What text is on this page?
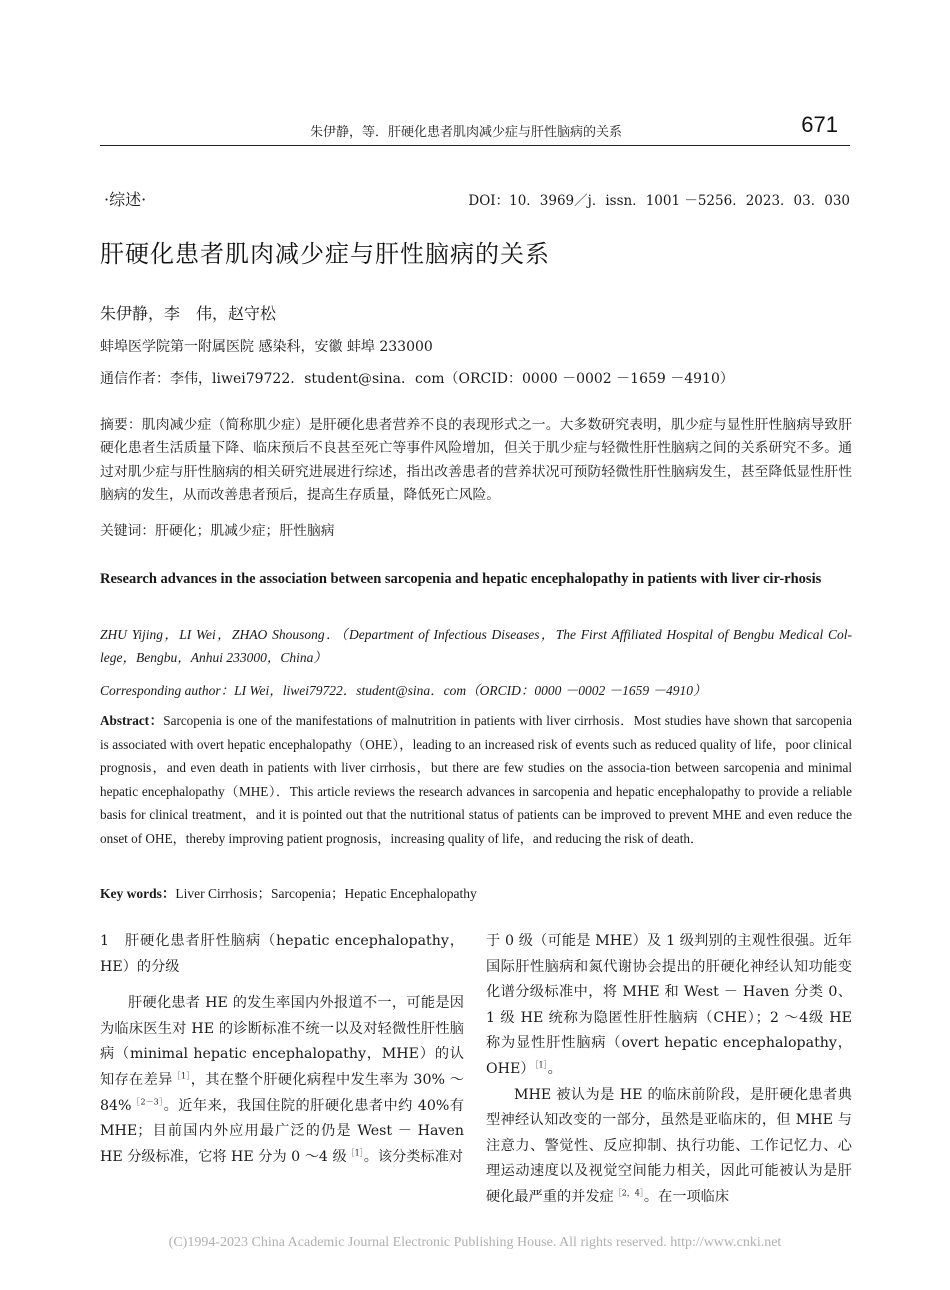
朱伊静，等．肝硬化患者肌肉减少症与肝性脑病的关系	671
·综述·	DOI：10．3969／j．issn．1001 －5256．2023．03．030
肝硬化患者肌肉减少症与肝性脑病的关系
朱伊静，李　伟，赵守松
蚌埠医学院第一附属医院 感染科，安徽 蚌埠 233000
通信作者：李伟，liwei79722．student@sina．com（ORCID：0000 －0002 －1659 －4910）
摘要：肌肉减少症（简称肌少症）是肝硬化患者营养不良的表现形式之一。大多数研究表明，肌少症与显性肝性脑病导致肝硬化患者生活质量下降、临床预后不良甚至死亡等事件风险增加，但关于肌少症与轻微性肝性脑病之间的关系研究不多。通过对肌少症与肝性脑病的相关研究进展进行综述，指出改善患者的营养状况可预防轻微性肝性脑病发生，甚至降低显性肝性脑病的发生，从而改善患者预后，提高生存质量，降低死亡风险。
关键词：肝硬化；肌减少症；肝性脑病
Research advances in the association between sarcopenia and hepatic encephalopathy in patients with liver cir-rhosis
ZHU Yijing，LI Wei，ZHAO Shousong．（Department of Infectious Diseases，The First Affiliated Hospital of Bengbu Medical Col-lege，Bengbu，Anhui 233000，China）
Corresponding author：LI Wei，liwei79722．student@sina．com（ORCID：0000 －0002 －1659 －4910）
Abstract：Sarcopenia is one of the manifestations of malnutrition in patients with liver cirrhosis．Most studies have shown that sarcopenia is associated with overt hepatic encephalopathy（OHE），leading to an increased risk of events such as reduced quality of life，poor clinical prognosis，and even death in patients with liver cirrhosis，but there are few studies on the associa-tion between sarcopenia and minimal hepatic encephalopathy（MHE）．This article reviews the research advances in sarcopenia and hepatic encephalopathy to provide a reliable basis for clinical treatment，and it is pointed out that the nutritional status of patients can be improved to prevent MHE and even reduce the onset of OHE，thereby improving patient prognosis，increasing quality of life，and reducing the risk of death．
Key words：Liver Cirrhosis；Sarcopenia；Hepatic Encephalopathy

1　肝硬化患者肝性脑病（hepatic encephalopathy，HE）的分级

肝硬化患者 HE 的发生率国内外报道不一，可能是因为临床医生对 HE 的诊断标准不统一以及对轻微性肝性脑病（minimal hepatic encephalopathy，MHE）的认知存在差异$^{[1]}$，其在整个肝硬化病程中发生率为 30% ～84%$^{[2-3]}$。近年来，我国住院的肝硬化患者中约 40%有 MHE；目前国内外应用最广泛的仍是 West － Haven HE 分级标准，它将 HE 分为 0 ～4 级$^{[1]}$。该分类标准对

于 0 级（可能是 MHE）及 1 级判别的主观性很强。近年国际肝性脑病和氮代谢协会提出的肝硬化神经认知功能变化谱分级标准中，将 MHE 和 West － Haven 分类 0、1 级 HE 统称为隐匿性肝性脑病（CHE）；2 ～4级 HE 称为显性肝性脑病（overt hepatic encephalopathy，OHE）$^{[1]}$。

MHE 被认为是 HE 的临床前阶段，是肝硬化患者典型神经认知改变的一部分，虽然是亚临床的，但 MHE 与注意力、警觉性、反应抑制、执行功能、工作记忆力、心理运动速度以及视觉空间能力相关，因此可能被认为是肝硬化最严重的并发症$^{[2,4]}$。在一项临床

(C)1994-2023 China Academic Journal Electronic Publishing House. All rights reserved. http://www.cnki.net
